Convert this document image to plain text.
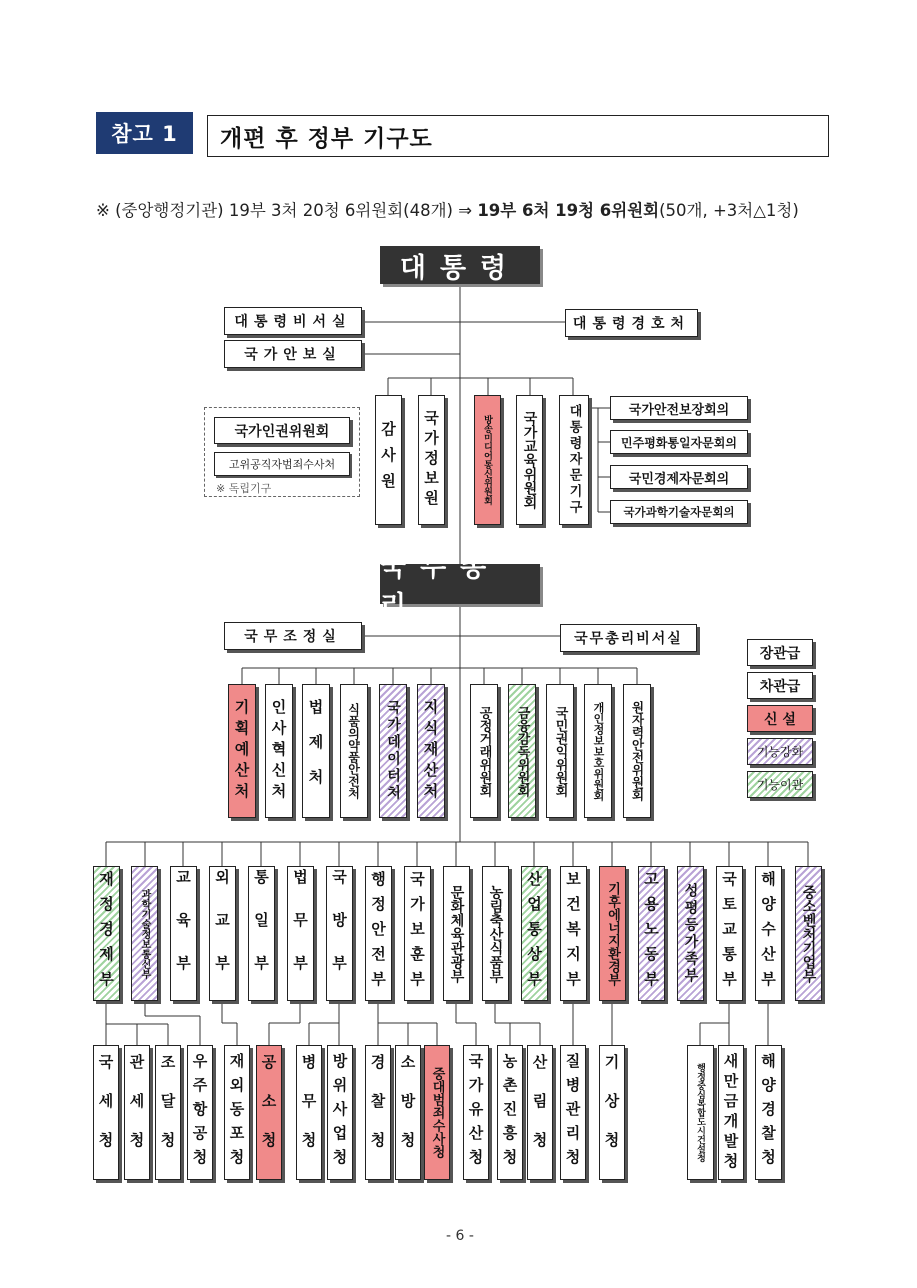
참고 1	개편 후 정부 기구도
※ (중앙행정기관) 19부 3처 20청 6위원회(48개) ⇒ 19부 6처 19청 6위원회(50개, +3처△1청)
대통령
대통령비서실
국가안보실
대통령경호처
국가인권위원회
고위공직자범죄수사처
※ 독립기구	감사원 국가정보원	방송미디어통신위원회 국가교육위원회 대통령자문기구	국가안전보장회의
민주평화통일자문회의
국민경제자문회의
국가과학기술자문회의
국무총리
국무조정실	국무총리비서실
장관급
차관급
신 설
기능강화
기능이관
기획예산처 인사혁신처 법제처 식품의약품안전처 국가데이터처 지식재산처	공정거래위원회 금융감독위원회 국민권익위원회 개인정보보호위원회 원자력안전위원회
재정경제부 과학기술정보통신부 교육부 외교부 통일부 법무부 국방부 행정안전부 국가보훈부 문화체육관광부 농림축산식품부 산업통상부 보건복지부 기후에너지환경부 고용노동부 성평등가족부 국토교통부 해양수산부 중소벤처기업부
국세청 관세청 조달청 우주항공청 재외동포청 공소청 병무청 방위사업청 경찰청 소방청 중대범죄수사청 국가유산청 농촌진흥청 산림청 질병관리청 기상청	행정중심복합도시건설청 새만금개발청 해양경찰청
- 6 -
